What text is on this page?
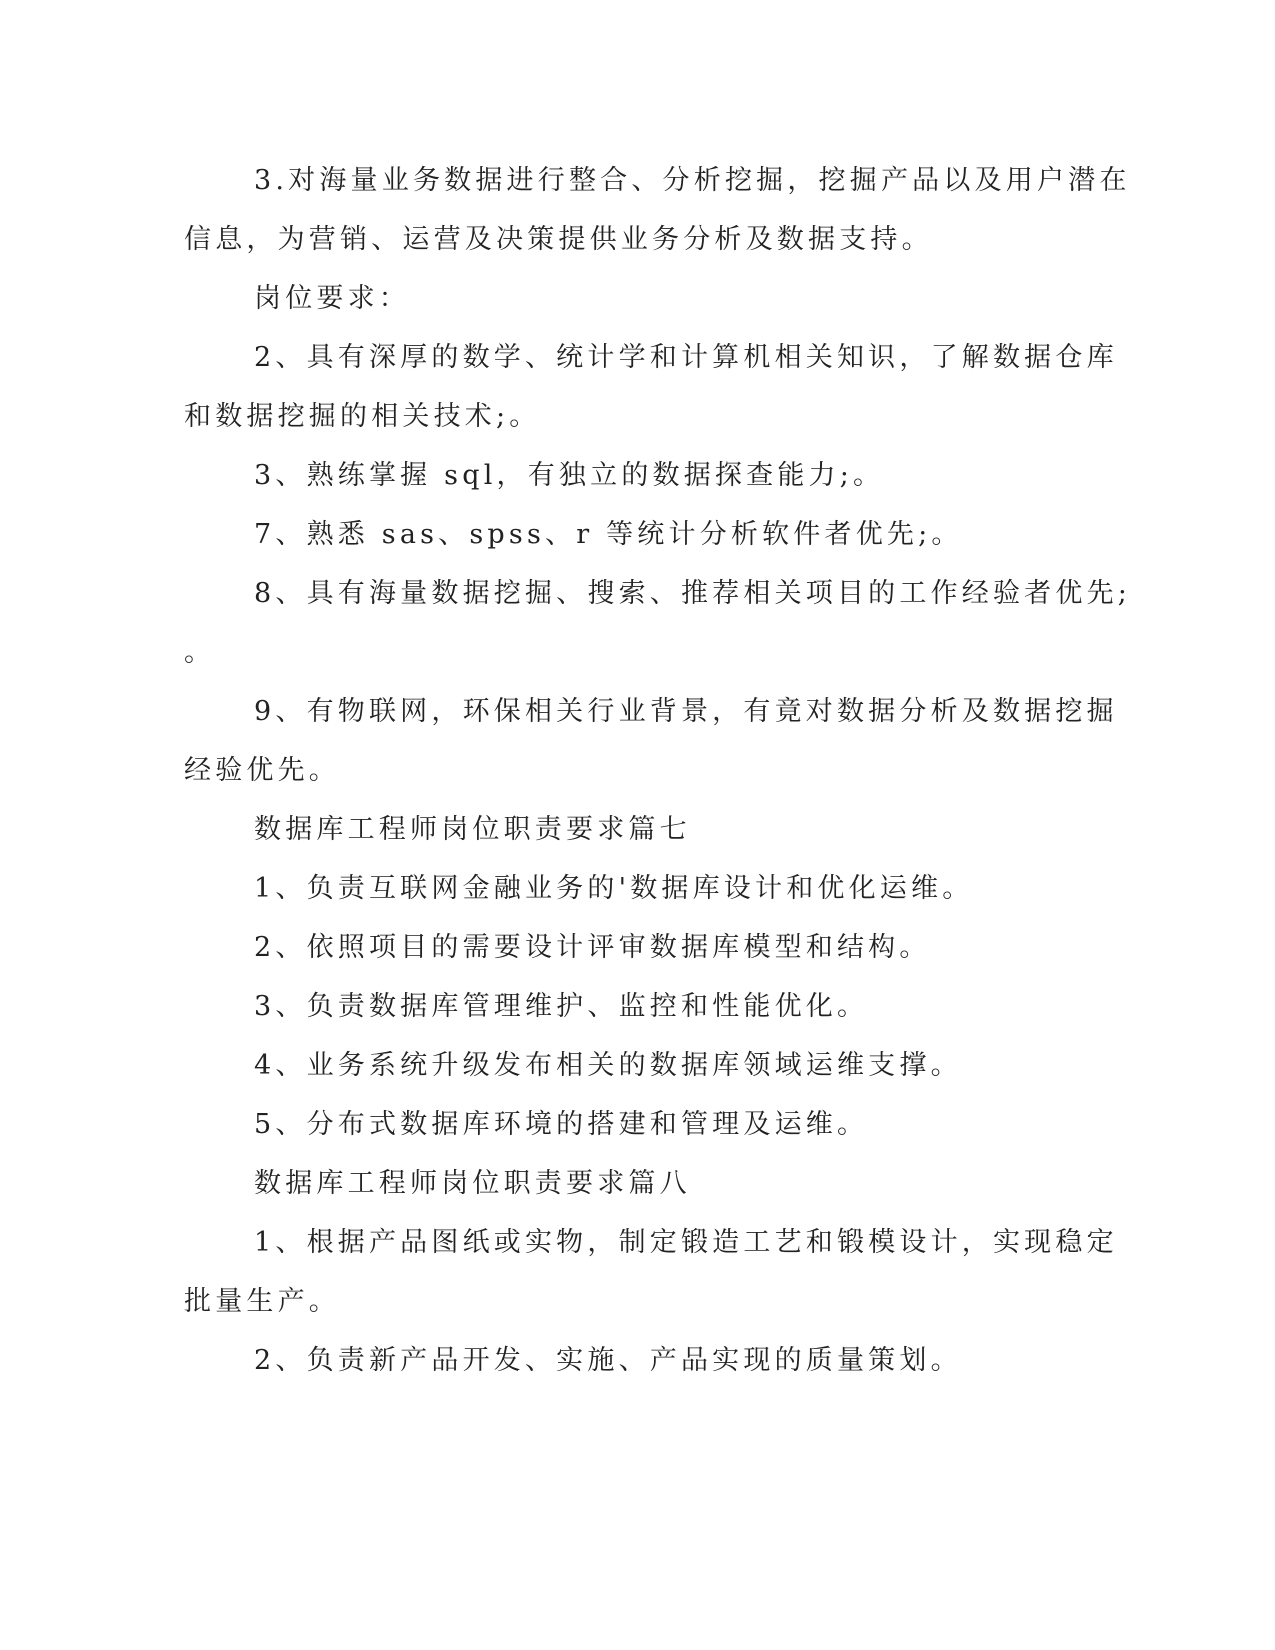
3.对海量业务数据进行整合、分析挖掘，挖掘产品以及用户潜在
信息，为营销、运营及决策提供业务分析及数据支持。
岗位要求：
2、具有深厚的数学、统计学和计算机相关知识，了解数据仓库
和数据挖掘的相关技术;。
3、熟练掌握 sql，有独立的数据探查能力;。
7、熟悉 sas、spss、r 等统计分析软件者优先;。
8、具有海量数据挖掘、搜索、推荐相关项目的工作经验者优先;
。
9、有物联网，环保相关行业背景，有竟对数据分析及数据挖掘
经验优先。
数据库工程师岗位职责要求篇七
1、负责互联网金融业务的'数据库设计和优化运维。
2、依照项目的需要设计评审数据库模型和结构。
3、负责数据库管理维护、监控和性能优化。
4、业务系统升级发布相关的数据库领域运维支撑。
5、分布式数据库环境的搭建和管理及运维。
数据库工程师岗位职责要求篇八
1、根据产品图纸或实物，制定锻造工艺和锻模设计，实现稳定
批量生产。
2、负责新产品开发、实施、产品实现的质量策划。
